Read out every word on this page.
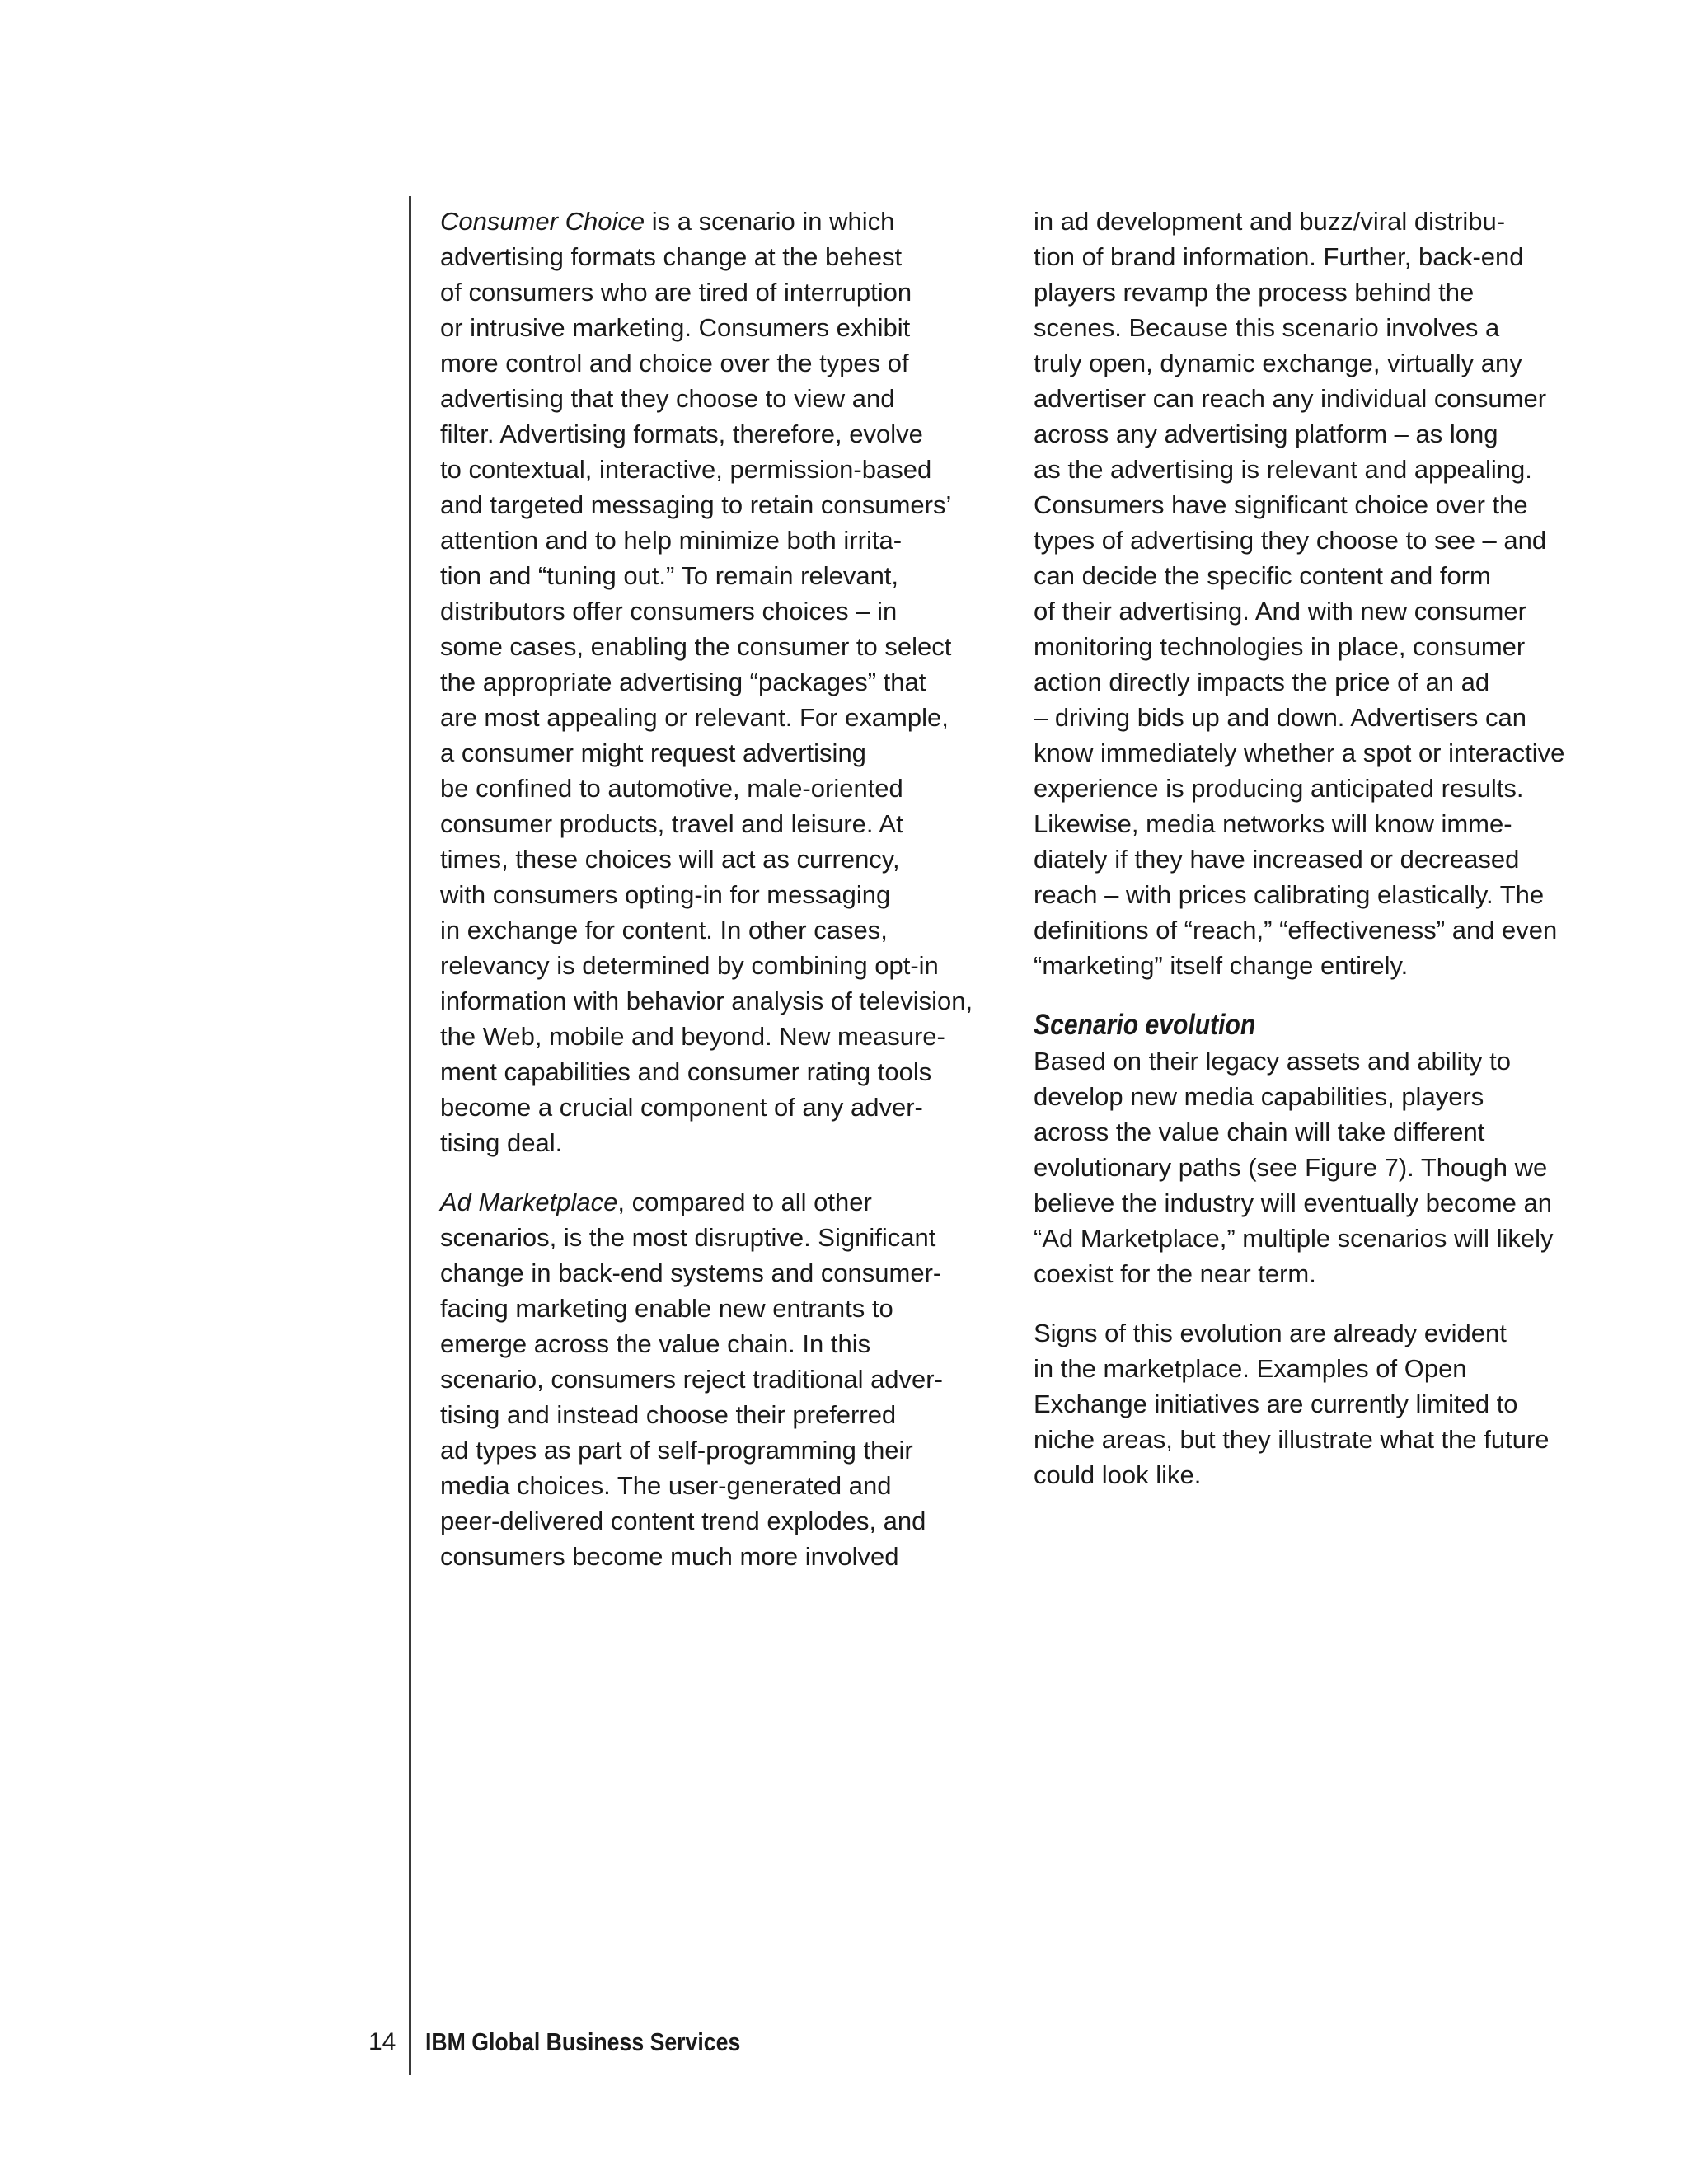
Consumer Choice is a scenario in which
advertising formats change at the behest
of consumers who are tired of interruption
or intrusive marketing. Consumers exhibit
more control and choice over the types of
advertising that they choose to view and
filter. Advertising formats, therefore, evolve
to contextual, interactive, permission-based
and targeted messaging to retain consumers’
attention and to help minimize both irrita-
tion and “tuning out.” To remain relevant,
distributors offer consumers choices – in
some cases, enabling the consumer to select
the appropriate advertising “packages” that
are most appealing or relevant. For example,
a consumer might request advertising
be confined to automotive, male-oriented
consumer products, travel and leisure. At
times, these choices will act as currency,
with consumers opting-in for messaging
in exchange for content. In other cases,
relevancy is determined by combining opt-in
information with behavior analysis of television,
the Web, mobile and beyond. New measure-
ment capabilities and consumer rating tools
become a crucial component of any adver-
tising deal.

Ad Marketplace, compared to all other
scenarios, is the most disruptive. Significant
change in back-end systems and consumer-
facing marketing enable new entrants to
emerge across the value chain. In this
scenario, consumers reject traditional adver-
tising and instead choose their preferred
ad types as part of self-programming their
media choices. The user-generated and
peer-delivered content trend explodes, and
consumers become much more involved

in ad development and buzz/viral distribu-
tion of brand information. Further, back-end
players revamp the process behind the
scenes. Because this scenario involves a
truly open, dynamic exchange, virtually any
advertiser can reach any individual consumer
across any advertising platform – as long
as the advertising is relevant and appealing.
Consumers have significant choice over the
types of advertising they choose to see – and
can decide the specific content and form
of their advertising. And with new consumer
monitoring technologies in place, consumer
action directly impacts the price of an ad
– driving bids up and down. Advertisers can
know immediately whether a spot or interactive
experience is producing anticipated results.
Likewise, media networks will know imme-
diately if they have increased or decreased
reach – with prices calibrating elastically. The
definitions of “reach,” “effectiveness” and even
“marketing” itself change entirely.

Scenario evolution

Based on their legacy assets and ability to
develop new media capabilities, players
across the value chain will take different
evolutionary paths (see Figure 7). Though we
believe the industry will eventually become an
“Ad Marketplace,” multiple scenarios will likely
coexist for the near term.

Signs of this evolution are already evident
in the marketplace. Examples of Open
Exchange initiatives are currently limited to
niche areas, but they illustrate what the future
could look like.

14 IBM Global Business Services
